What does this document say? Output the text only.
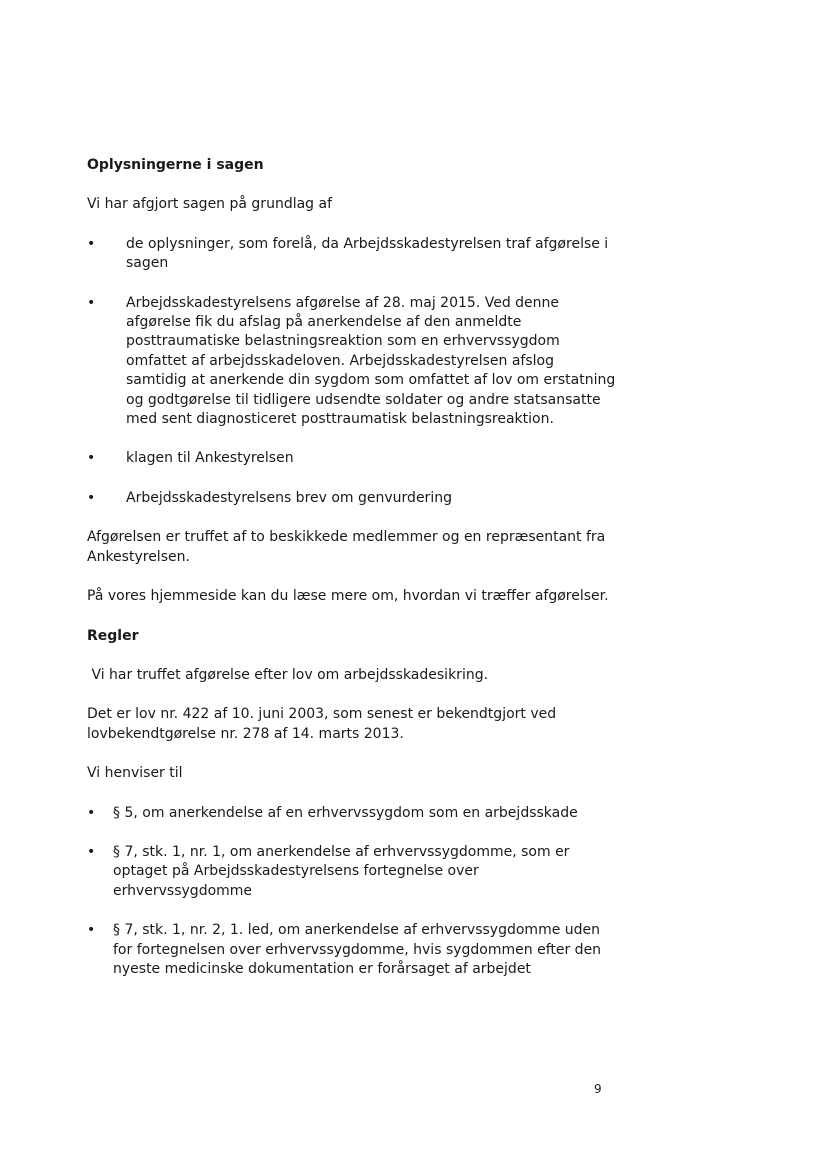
Oplysningerne i sagen

Vi har afgjort sagen på grundlag af

• de oplysninger, som forelå, da Arbejdsskadestyrelsen traf afgørelse i sagen
• Arbejdsskadestyrelsens afgørelse af 28. maj 2015. Ved denne afgørelse fik du afslag på anerkendelse af den anmeldte posttraumatiske belastningsreaktion som en erhvervssygdom omfattet af arbejdsskadeloven. Arbejdsskadestyrelsen afslog samtidig at anerkende din sygdom som omfattet af lov om erstatning og godtgørelse til tidligere udsendte soldater og andre statsansatte med sent diagnosticeret posttraumatisk belastningsreaktion.
• klagen til Ankestyrelsen
• Arbejdsskadestyrelsens brev om genvurdering

Afgørelsen er truffet af to beskikkede medlemmer og en repræsentant fra Ankestyrelsen.

På vores hjemmeside kan du læse mere om, hvordan vi træffer afgørelser.

Regler

Vi har truffet afgørelse efter lov om arbejdsskadesikring.

Det er lov nr. 422 af 10. juni 2003, som senest er bekendtgjort ved lovbekendtgørelse nr. 278 af 14. marts 2013.

Vi henviser til

• § 5, om anerkendelse af en erhvervssygdom som en arbejdsskade
• § 7, stk. 1, nr. 1, om anerkendelse af erhvervssygdomme, som er optaget på Arbejdsskadestyrelsens fortegnelse over erhvervssygdomme
• § 7, stk. 1, nr. 2, 1. led, om anerkendelse af erhvervssygdomme uden for fortegnelsen over erhvervssygdomme, hvis sygdommen efter den nyeste medicinske dokumentation er forårsaget af arbejdet
9
